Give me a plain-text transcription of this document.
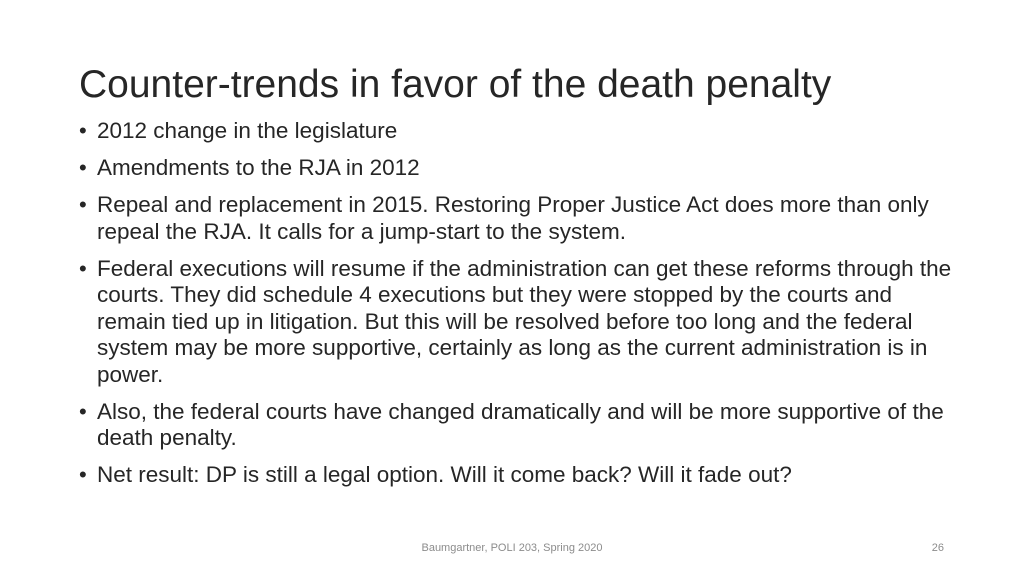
Counter-trends in favor of the death penalty
• 2012 change in the legislature
• Amendments to the RJA in 2012
• Repeal and replacement in 2015. Restoring Proper Justice Act does more than only repeal the RJA. It calls for a jump-start to the system.
• Federal executions will resume if the administration can get these reforms through the courts. They did schedule 4 executions but they were stopped by the courts and remain tied up in litigation. But this will be resolved before too long and the federal system may be more supportive, certainly as long as the current administration is in power.
• Also, the federal courts have changed dramatically and will be more supportive of the death penalty.
• Net result: DP is still a legal option. Will it come back? Will it fade out?
Baumgartner, POLI 203, Spring 2020	26
